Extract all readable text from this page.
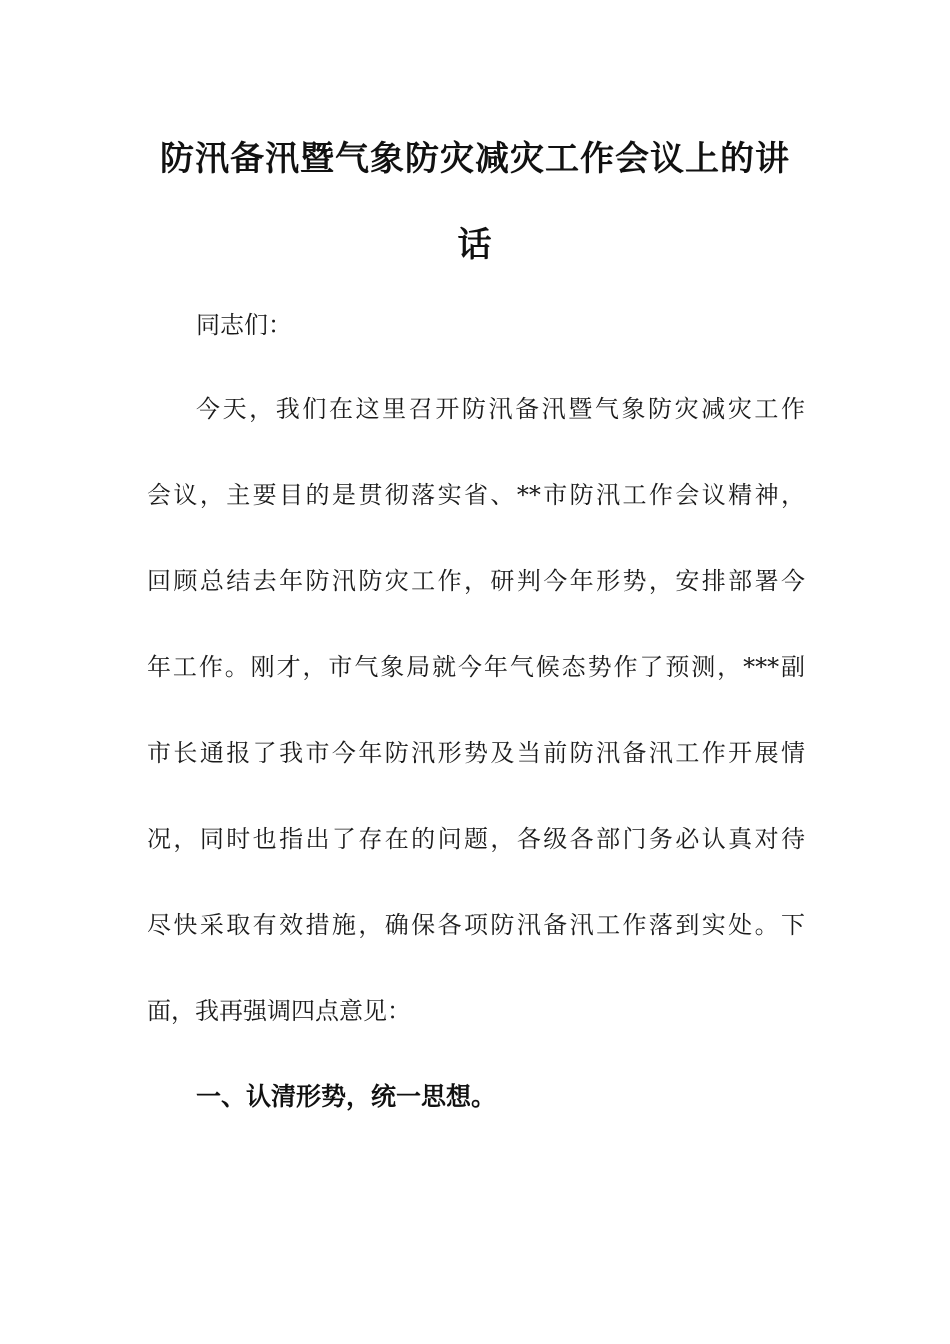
防汛备汛暨气象防灾减灾工作会议上的讲
话
同志们：
今天，我们在这里召开防汛备汛暨气象防灾减灾工作
会议，主要目的是贯彻落实省、**市防汛工作会议精神，
回顾总结去年防汛防灾工作，研判今年形势，安排部署今
年工作。刚才，市气象局就今年气候态势作了预测，***副
市长通报了我市今年防汛形势及当前防汛备汛工作开展情
况，同时也指出了存在的问题，各级各部门务必认真对待
尽快采取有效措施，确保各项防汛备汛工作落到实处。下
面，我再强调四点意见：
一、认清形势，统一思想。
